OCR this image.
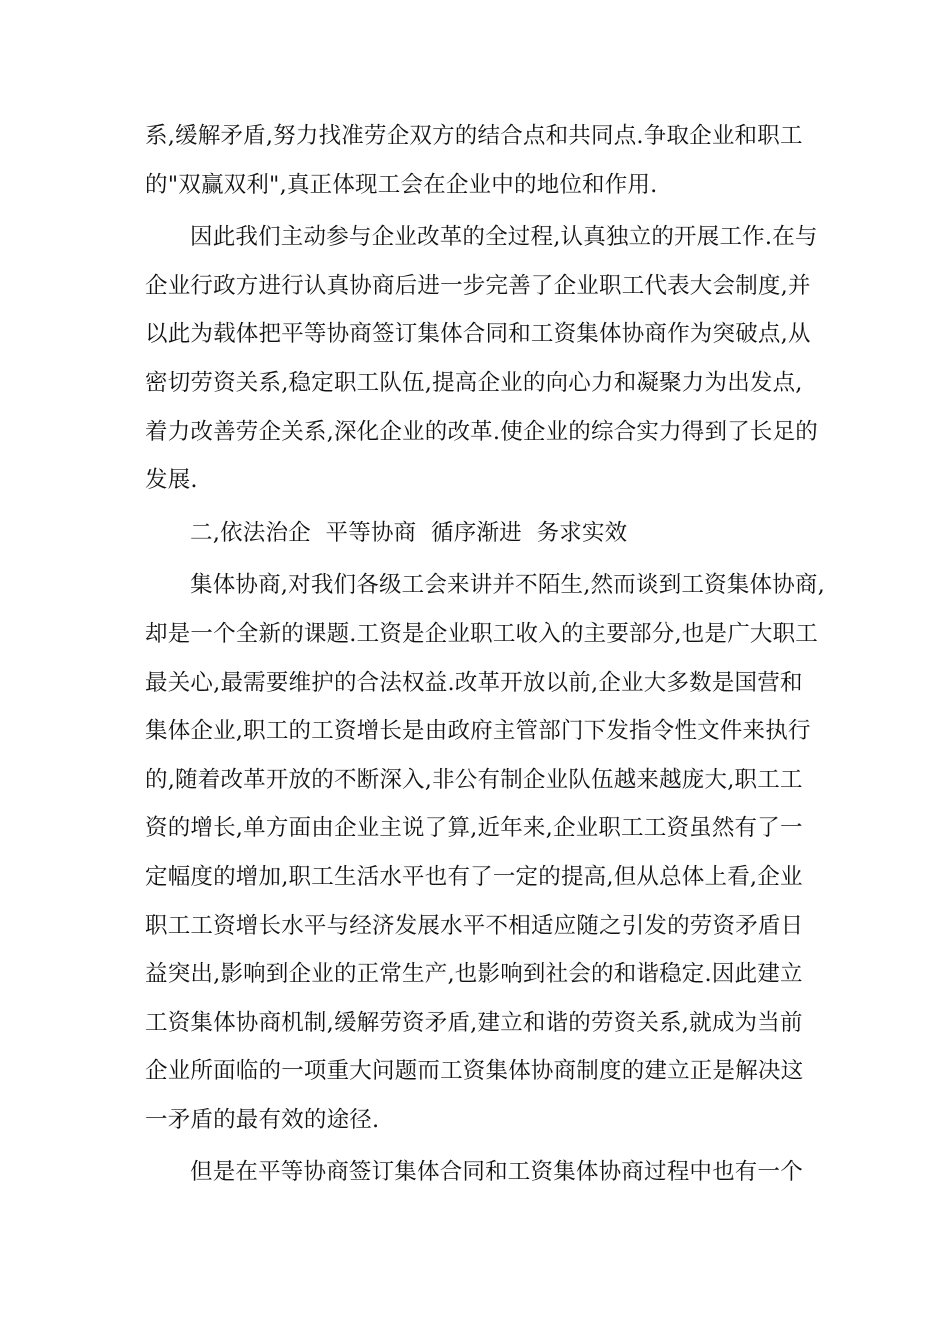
系,缓解矛盾,努力找准劳企双方的结合点和共同点.争取企业和职工
的"双赢双利",真正体现工会在企业中的地位和作用.
因此我们主动参与企业改革的全过程,认真独立的开展工作.在与
企业行政方进行认真协商后进一步完善了企业职工代表大会制度,并
以此为载体把平等协商签订集体合同和工资集体协商作为突破点,从
密切劳资关系,稳定职工队伍,提高企业的向心力和凝聚力为出发点,
着力改善劳企关系,深化企业的改革.使企业的综合实力得到了长足的
发展.
二,依法治企  平等协商  循序渐进  务求实效
集体协商,对我们各级工会来讲并不陌生,然而谈到工资集体协商,
却是一个全新的课题.工资是企业职工收入的主要部分,也是广大职工
最关心,最需要维护的合法权益.改革开放以前,企业大多数是国营和
集体企业,职工的工资增长是由政府主管部门下发指令性文件来执行
的,随着改革开放的不断深入,非公有制企业队伍越来越庞大,职工工
资的增长,单方面由企业主说了算,近年来,企业职工工资虽然有了一
定幅度的增加,职工生活水平也有了一定的提高,但从总体上看,企业
职工工资增长水平与经济发展水平不相适应随之引发的劳资矛盾日
益突出,影响到企业的正常生产,也影响到社会的和谐稳定.因此建立
工资集体协商机制,缓解劳资矛盾,建立和谐的劳资关系,就成为当前
企业所面临的一项重大问题而工资集体协商制度的建立正是解决这
一矛盾的最有效的途径.
但是在平等协商签订集体合同和工资集体协商过程中也有一个
